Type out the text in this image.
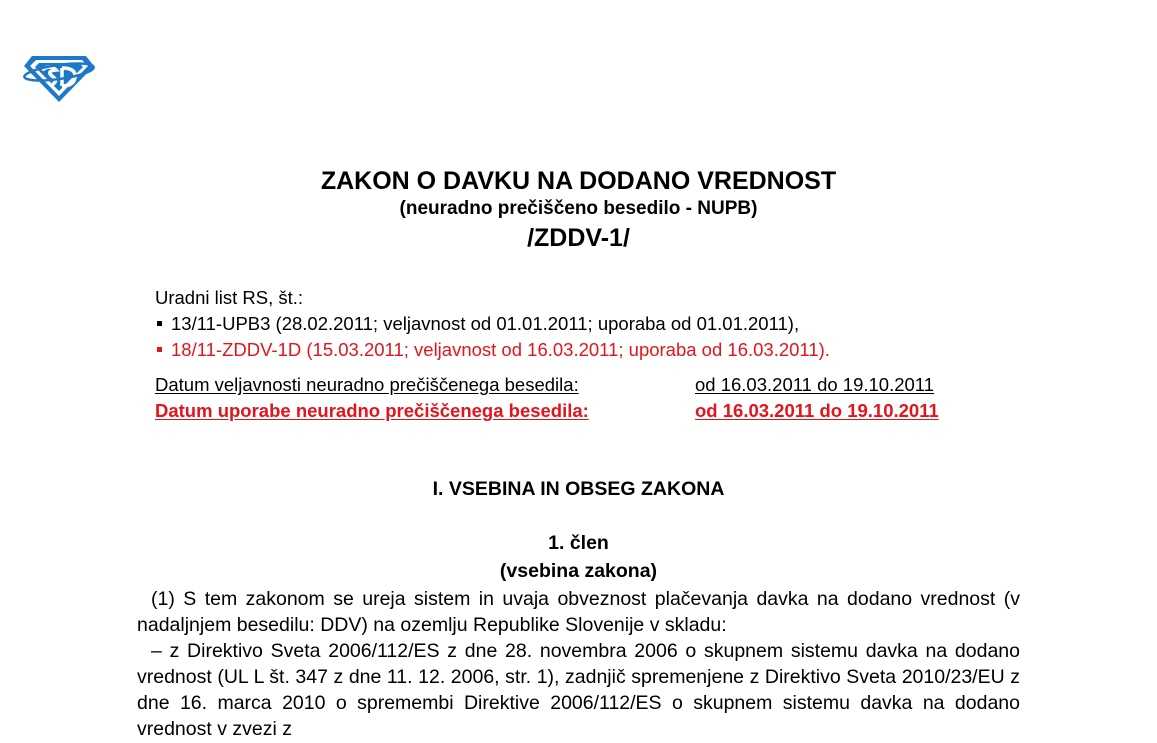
ZAKON O DAVKU NA DODANO VREDNOST
(neuradno prečiščeno besedilo - NUPB)
/ZDDV-1/
Uradni list RS, št.:
13/11-UPB3 (28.02.2011; veljavnost od 01.01.2011; uporaba od 01.01.2011),
18/11-ZDDV-1D (15.03.2011; veljavnost od 16.03.2011; uporaba od 16.03.2011).
Datum veljavnosti neuradno prečiščenega besedila:	od 16.03.2011 do 19.10.2011
Datum uporabe neuradno prečiščenega besedila:	od 16.03.2011 do 19.10.2011
I. VSEBINA IN OBSEG ZAKONA
1. člen
(vsebina zakona)

(1) S tem zakonom se ureja sistem in uvaja obveznost plačevanja davka na dodano vrednost (v nadaljnjem besedilu: DDV) na ozemlju Republike Slovenije v skladu:

– z Direktivo Sveta 2006/112/ES z dne 28. novembra 2006 o skupnem sistemu davka na dodano vrednost (UL L št. 347 z dne 11. 12. 2006, str. 1), zadnjič spremenjene z Direktivo Sveta 2010/23/EU z dne 16. marca 2010 o spremembi Direktive 2006/112/ES o skupnem sistemu davka na dodano vrednost v zvezi z
